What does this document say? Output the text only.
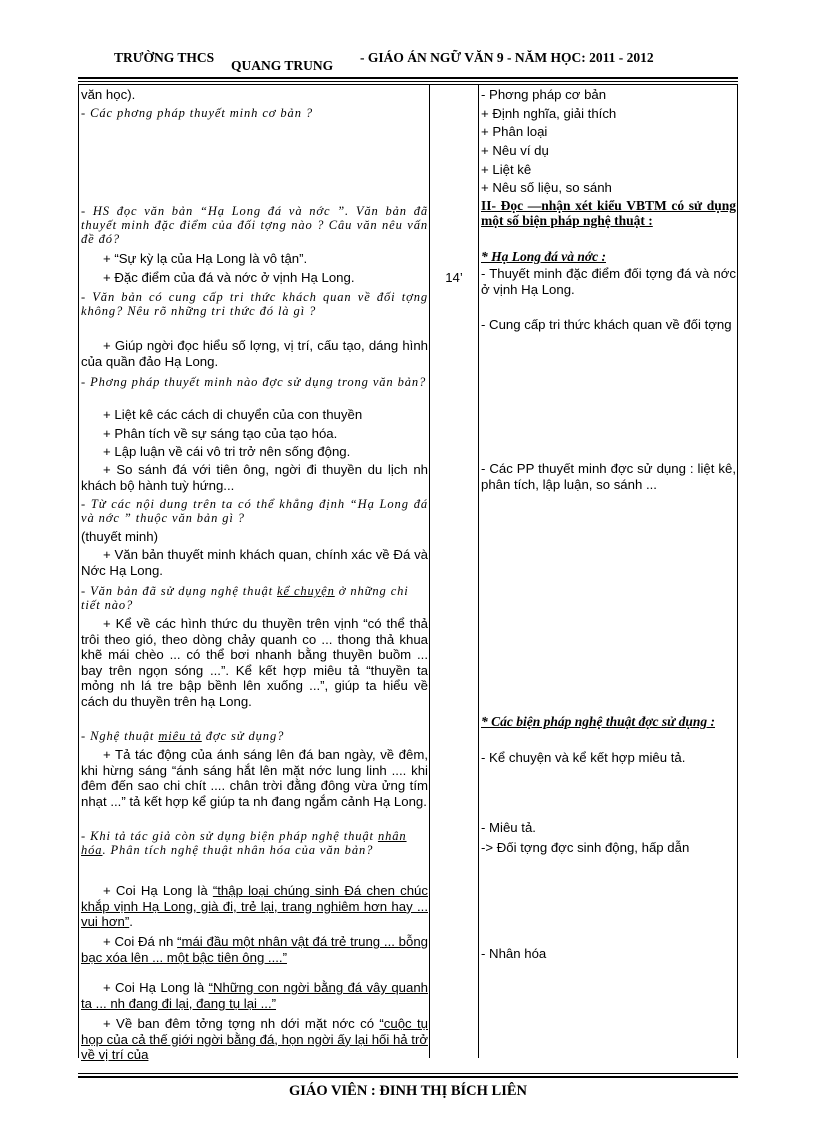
TRƯỜNG THCS
QUANG TRUNG
- GIÁO ÁN NGỮ VĂN 9 - NĂM HỌC: 2011 - 2012
văn học).
- Các phơng pháp thuyết minh cơ bản ?
- HS đọc văn bản “Hạ Long đá và nớc ”. Văn bản đã thuyết minh đặc điểm của đối tợng nào ? Câu văn nêu vấn đề đó?
+ “Sự kỳ lạ của Hạ Long là vô tận”.
+ Đặc điểm của đá và nớc ở vịnh Hạ Long.
- Văn bản có cung cấp tri thức khách quan về đối tợng không? Nêu rõ những tri thức đó là gì ?
+ Giúp ngời đọc hiểu số lợng, vị trí, cấu tạo, dáng hình của quần đảo Hạ Long.
- Phơng pháp thuyết minh nào đợc sử dụng trong văn bản?
+ Liệt kê các cách di chuyển của con thuyền
+ Phân tích về sự sáng tạo của tạo hóa.
+ Lập luận về cái vô tri trở nên sống động.
+ So sánh đá với tiên ông, ngời đi thuyền du lịch nh khách bộ hành tuỳ hứng...
- Từ các nội dung trên ta có thể khẳng định “Hạ Long đá và nớc ” thuộc văn bản gì ?
(thuyết minh)
+ Văn bản thuyết minh khách quan, chính xác về Đá và Nớc Hạ Long.
- Văn bản đã sử dụng nghệ thuật kể chuyện ở những chi tiết nào?
+ Kể về các hình thức du thuyền trên vịnh “có thể thả trôi theo gió, theo dòng chảy quanh co ... thong thả khua khẽ mái chèo ... có thể bơi nhanh bằng thuyền buồm ... bay trên ngọn sóng ...”. Kể kết hợp miêu tả “thuyền ta mỏng nh lá tre bập bềnh lên xuống ...”, giúp ta hiểu về cách du thuyền trên hạ Long.
- Nghệ thuật miêu tả đợc sử dụng?
+ Tả tác động của ánh sáng lên đá ban ngày, về đêm, khi hừng sáng “ánh sáng hắt lên mặt nớc lung linh .... khi đêm đến sao chi chít .... chân trời đằng đông vừa ửng tím nhạt ...” tả kết hợp kể giúp ta nh đang ngắm cảnh Hạ Long.
- Khi tả tác giả còn sử dụng biện pháp nghệ thuật nhân hóa. Phân tích nghệ thuật nhân hóa của văn bản?
+ Coi Hạ Long là “thập loại chúng sinh Đá chen chúc khắp vịnh Hạ Long, già đi, trẻ lại, trang nghiêm hơn hay ... vui hơn”.
+ Coi Đá nh “mái đầu một nhân vật đá trẻ trung ... bỗng bạc xóa lên ... một bậc tiên ông ....”
+ Coi Hạ Long là “Những con ngời bằng đá vây quanh ta ... nh đang đi lại, đang tụ lại ...”
+ Về ban đêm tởng tợng nh dới mặt nớc có “cuộc tụ họp của cả thế giới ngời bằng đá, họn ngời ấy lại hối hả trở về vị trí của
14’
- Phơng pháp cơ bản
+ Định nghĩa, giải thích
+ Phân loại
+ Nêu ví dụ
+ Liệt kê
+ Nêu số liệu, so sánh
II- Đọc —nhận xét kiểu VBTM có sử dụng một số biện pháp nghệ thuật :
* Hạ Long đá và nớc :
- Thuyết minh đặc điểm đối tợng đá và nớc ở vịnh Hạ Long.
- Cung cấp tri thức khách quan về đối tợng
- Các PP thuyết minh đợc sử dụng : liệt kê, phân tích, lập luận, so sánh ...
* Các biện pháp nghệ thuật đợc sử dụng :
- Kể chuyện và kể kết hợp miêu tả.
- Miêu tả.
-> Đối tợng đợc sinh động, hấp dẫn
- Nhân hóa
GIÁO VIÊN : ĐINH THỊ BÍCH LIÊN
